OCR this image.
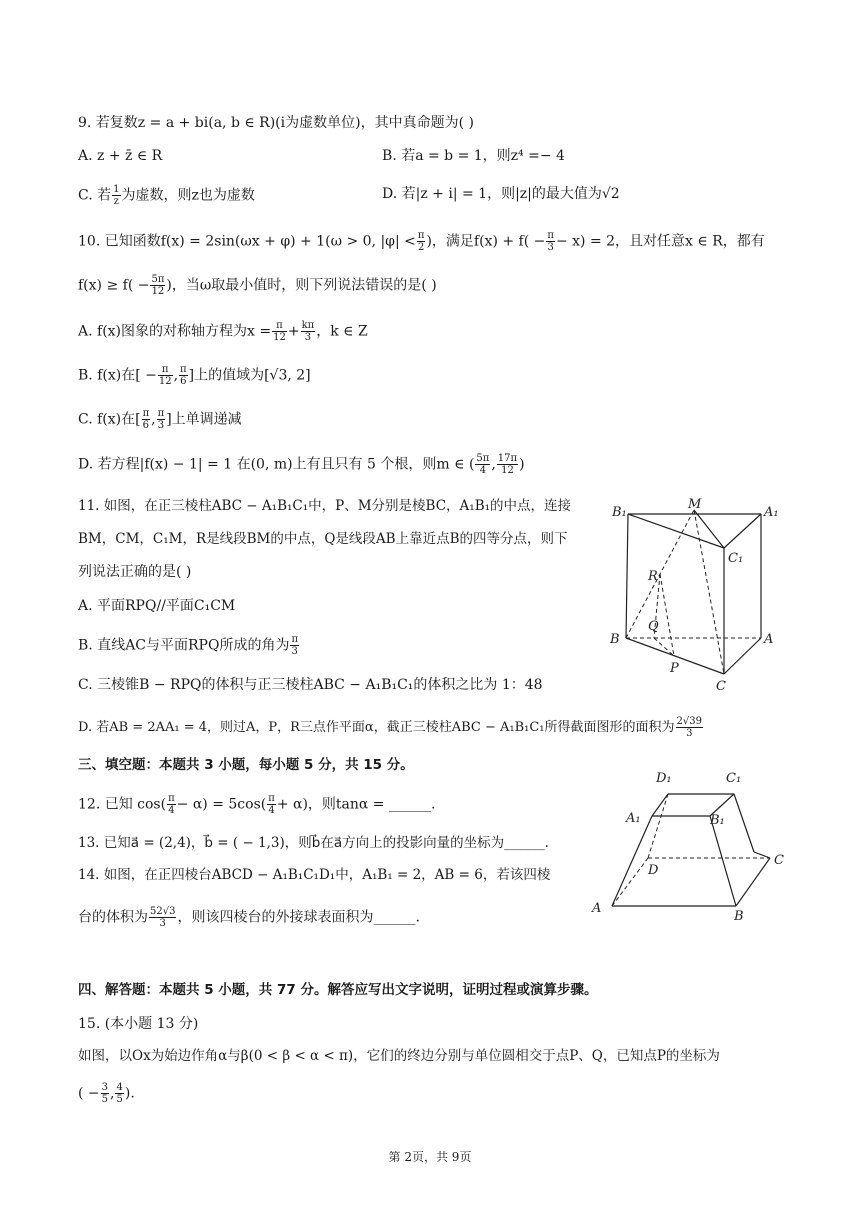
9. 若复数z = a + bi(a, b ∈ R)(i为虚数单位)，其中真命题为( )
A. z + z̄ ∈ R	B. 若a = b = 1，则z⁴ =− 4
C. 若 $\frac{1}{z}$ 为虚数，则z也为虚数	D. 若|z + i| = 1，则|z|的最大值为√2
10. 已知函数f(x) = 2sin(ωx + φ) + 1(ω > 0, $|\varphi| < \frac{\pi}{2}$ )，满足$f(x) + f( - \frac{\pi}{3} - x) = 2$，且对任意x ∈ R，都有
$f(x) \ge f( - \frac{5\pi}{12}$ )，当ω取最小值时，则下列说法错误的是( )
A. f(x)图象的对称轴方程为$x = \frac{\pi}{12} + \frac{k\pi}{3}$ ，k ∈ Z
B. f(x)在[ − $\frac{\pi}{12}$ , $\frac{\pi}{6}$ ]上的值域为[√3, 2]
C. f(x)在[ $\frac{\pi}{6}$ , $\frac{\pi}{3}$ ]上单调递减
D. 若方程|f(x) − 1| = 1 在(0, m)上有且只有 5 个根，则m ∈ ( $\frac{5\pi}{4}$ , $\frac{17\pi}{12}$ )
11. 如图，在正三棱柱ABC − A₁B₁C₁中，P、M分别是棱BC，A₁B₁的中点，连接
BM，CM，C₁M，R是线段BM的中点，Q是线段AB上靠近点B的四等分点，则下
列说法正确的是( )
A. 平面RPQ//平面C₁CM
B. 直线AC与平面RPQ所成的角为 $\frac{\pi}{3}$
C. 三棱锥B − RPQ的体积与正三棱柱ABC − A₁B₁C₁的体积之比为 1：48
D. 若AB = 2AA₁ = 4，则过A，P，R三点作平面α，截正三棱柱ABC − A₁B₁C₁所得截面图形的面积为 $\frac{2√39}{3}$
B₁
M
A₁
C₁
R
Q
B	A
P
C
三、填空题：本题共 3 小题，每小题 5 分，共 15 分。
12. 已知 $\cos( \frac{\pi}{4} - \alpha) = 5\cos( \frac{\pi}{4} + \alpha)$，则tanα = ______.
13. 已知a⃗ = (2,4)，b⃗ = ( − 1,3)，则b⃗在a⃗方向上的投影向量的坐标为______.
14. 如图，在正四棱台ABCD − A₁B₁C₁D₁中，A₁B₁ = 2，AB = 6，若该四棱
台的体积为 $\frac{52√3}{3}$ ，则该四棱台的外接球表面积为______.
D₁	C₁
A₁	B₁
D
C
A
B
四、解答题：本题共 5 小题，共 77 分。解答应写出文字说明，证明过程或演算步骤。
15. (本小题 13 分)
如图，以Ox为始边作角α与β(0 < β < α < π)，它们的终边分别与单位圆相交于点P、Q，已知点P的坐标为
( − $\frac{3}{5}$ , $\frac{4}{5}$ ).
第 2页，共 9页
